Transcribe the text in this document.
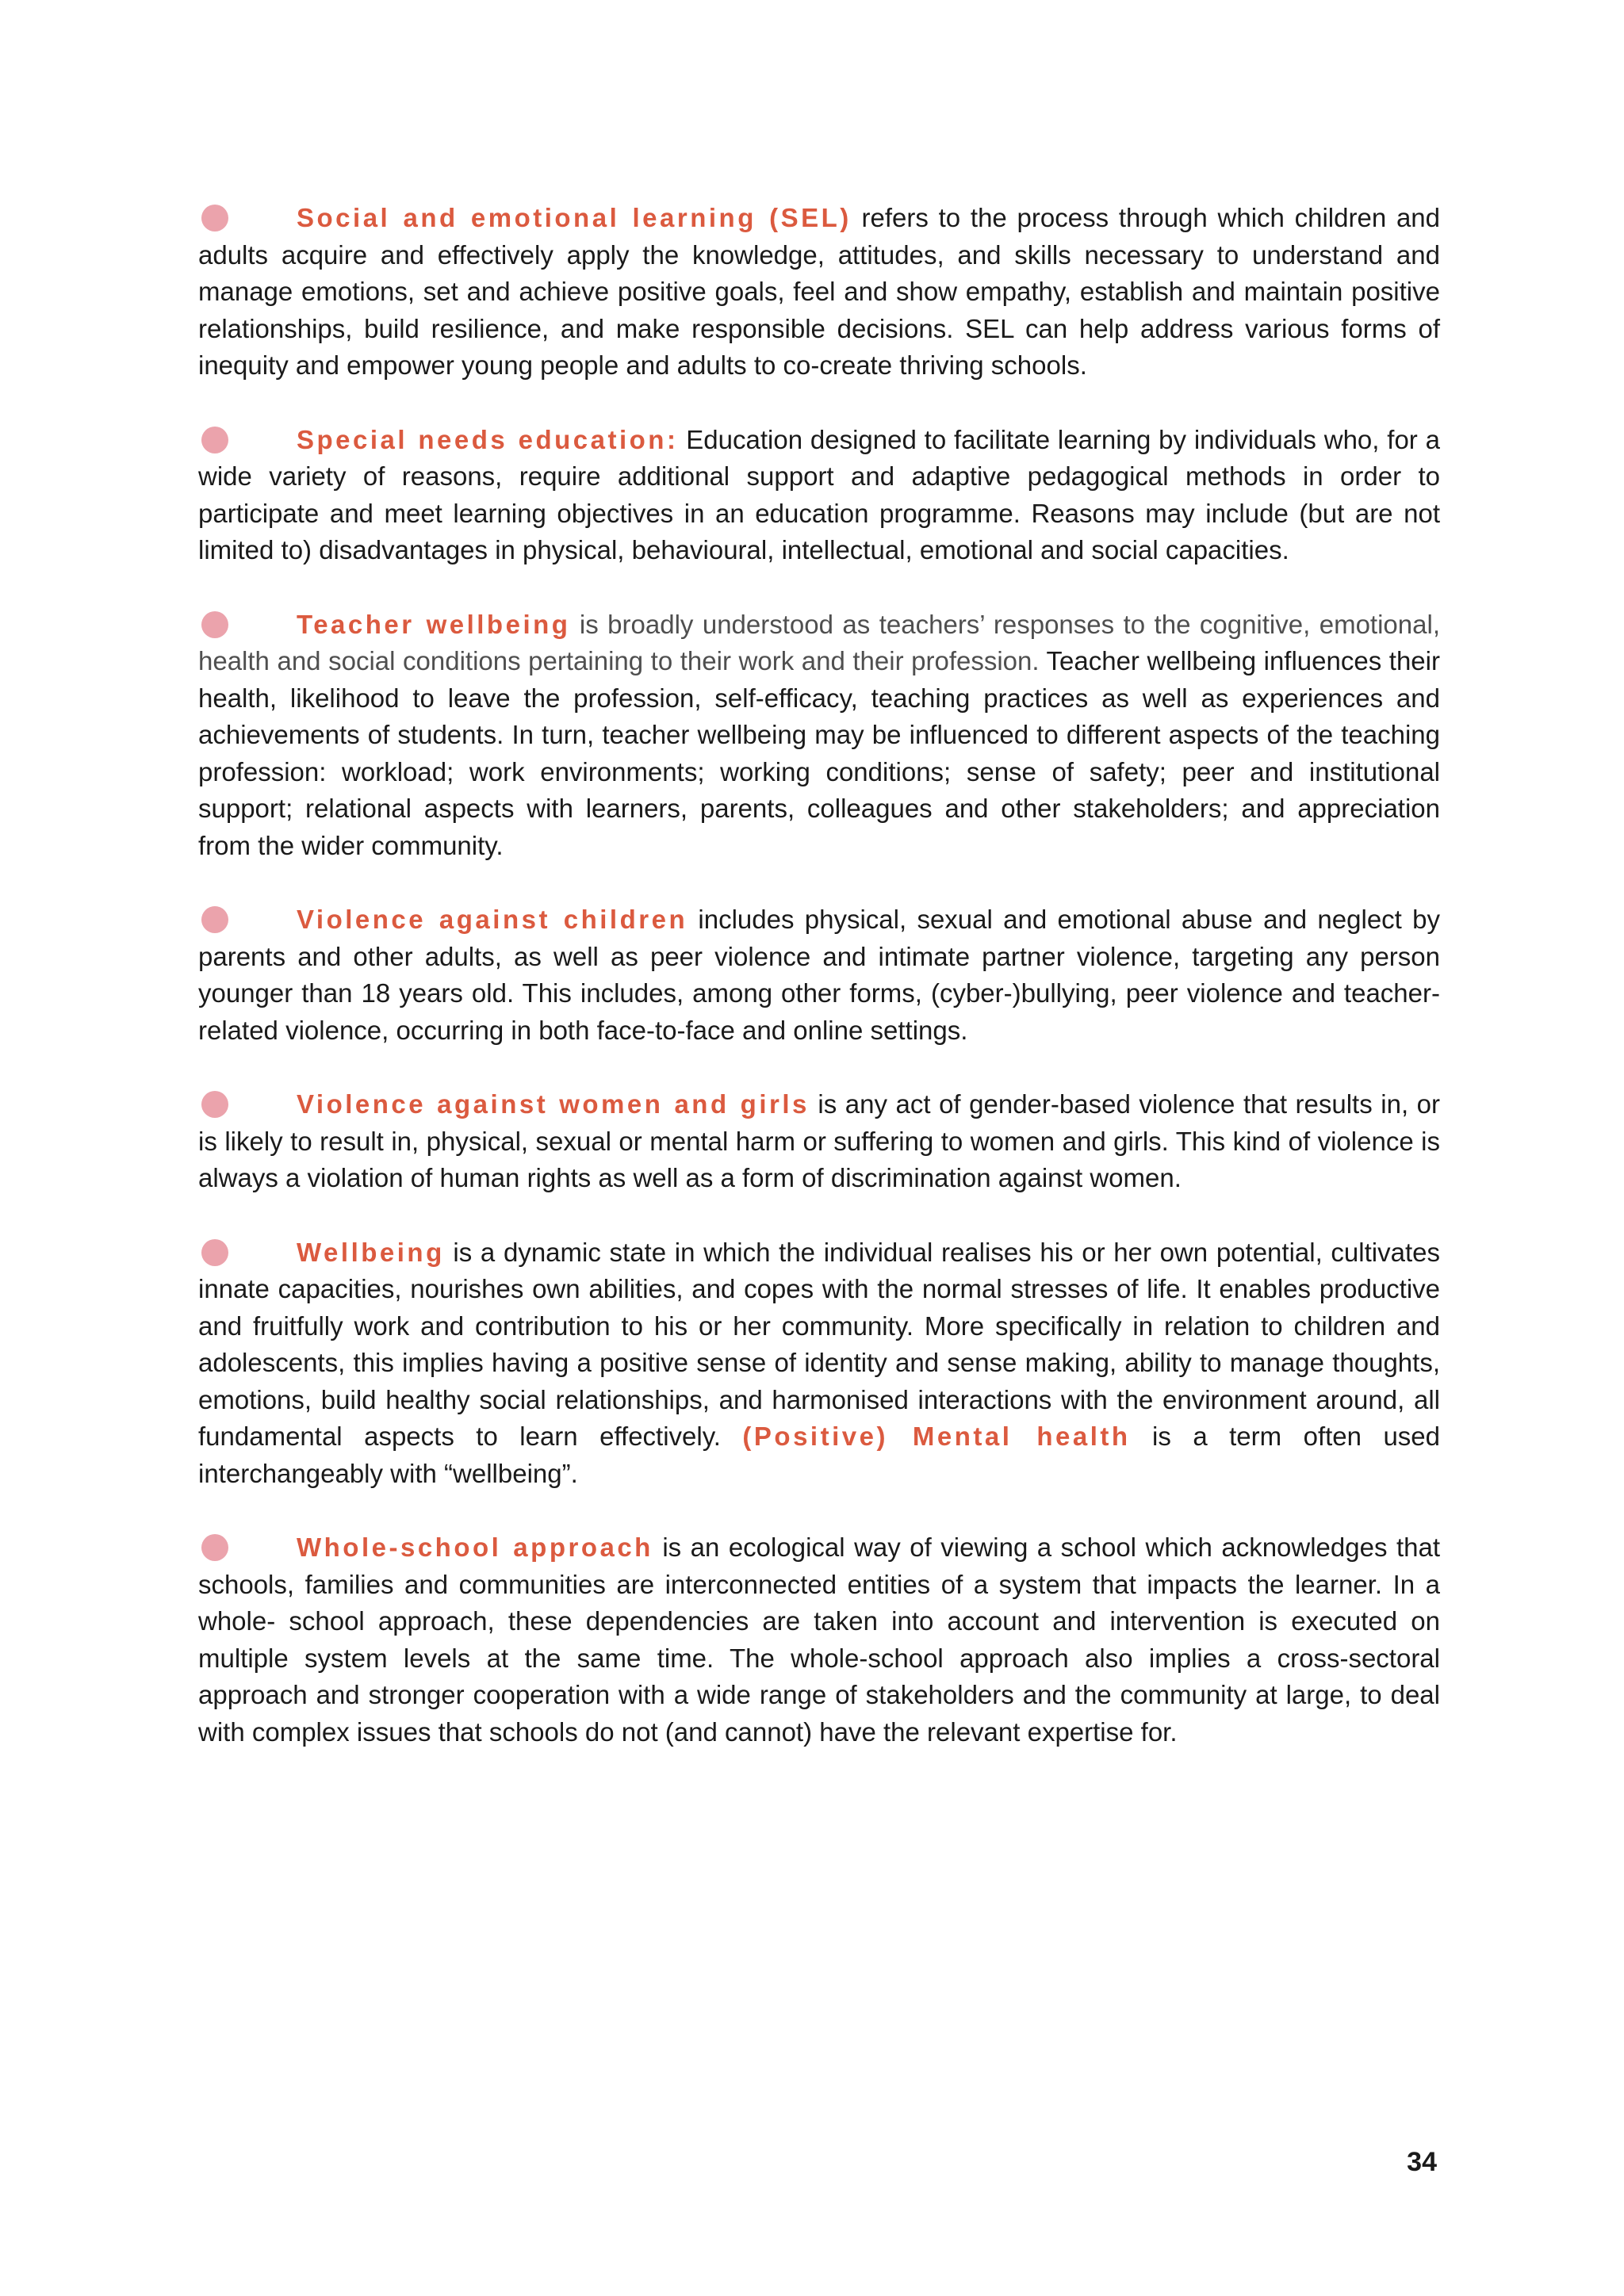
Social and emotional learning (SEL) refers to the process through which children and adults acquire and effectively apply the knowledge, attitudes, and skills necessary to understand and manage emotions, set and achieve positive goals, feel and show empathy, establish and maintain positive relationships, build resilience, and make responsible decisions. SEL can help address various forms of inequity and empower young people and adults to co-create thriving schools.

Special needs education: Education designed to facilitate learning by individuals who, for a wide variety of reasons, require additional support and adaptive pedagogical methods in order to participate and meet learning objectives in an education programme. Reasons may include (but are not limited to) disadvantages in physical, behavioural, intellectual, emotional and social capacities.

Teacher wellbeing is broadly understood as teachers’ responses to the cognitive, emotional, health and social conditions pertaining to their work and their profession. Teacher wellbeing influences their health, likelihood to leave the profession, self-efficacy, teaching practices as well as experiences and achievements of students. In turn, teacher wellbeing may be influenced to different aspects of the teaching profession: workload; work environments; working conditions; sense of safety; peer and institutional support; relational aspects with learners, parents, colleagues and other stakeholders; and appreciation from the wider community.

Violence against children includes physical, sexual and emotional abuse and neglect by parents and other adults, as well as peer violence and intimate partner violence, targeting any person younger than 18 years old. This includes, among other forms, (cyber-)bullying, peer violence and teacher-related violence, occurring in both face-to-face and online settings.

Violence against women and girls is any act of gender-based violence that results in, or is likely to result in, physical, sexual or mental harm or suffering to women and girls. This kind of violence is always a violation of human rights as well as a form of discrimination against women.

Wellbeing is a dynamic state in which the individual realises his or her own potential, cultivates innate capacities, nourishes own abilities, and copes with the normal stresses of life. It enables productive and fruitfully work and contribution to his or her community. More specifically in relation to children and adolescents, this implies having a positive sense of identity and sense making, ability to manage thoughts, emotions, build healthy social relationships, and harmonised interactions with the environment around, all fundamental aspects to learn effectively. (Positive) Mental health is a term often used interchangeably with “wellbeing”.

Whole-school approach is an ecological way of viewing a school which acknowledges that schools, families and communities are interconnected entities of a system that impacts the learner. In a whole- school approach, these dependencies are taken into account and intervention is executed on multiple system levels at the same time. The whole-school approach also implies a cross-sectoral approach and stronger cooperation with a wide range of stakeholders and the community at large, to deal with complex issues that schools do not (and cannot) have the relevant expertise for.

34
